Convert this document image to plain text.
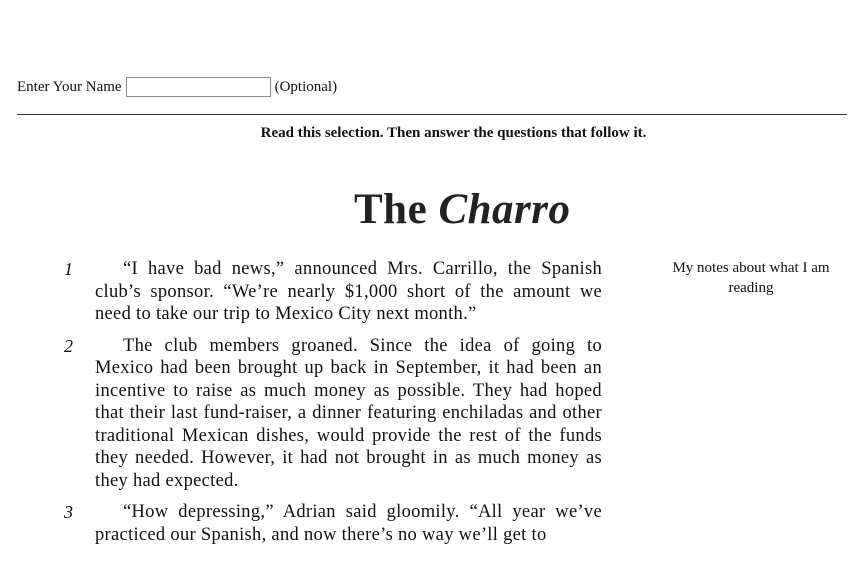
Enter Your Name	(Optional)
Read this selection. Then answer the questions that follow it.
The Charro
1	“I have bad news,” announced Mrs. Carrillo, the Spanish club’s sponsor. “We’re nearly $1,000 short of the amount we need to take our trip to Mexico City next month.”
2	The club members groaned. Since the idea of going to Mexico had been brought up back in September, it had been an incentive to raise as much money as possible. They had hoped that their last fund-raiser, a dinner featuring enchiladas and other traditional Mexican dishes, would provide the rest of the funds they needed. However, it had not brought in as much money as they had expected.
3	“How depressing,” Adrian said gloomily. “All year we’ve practiced our Spanish, and now there’s no way we’ll get to
My notes about what I am reading
